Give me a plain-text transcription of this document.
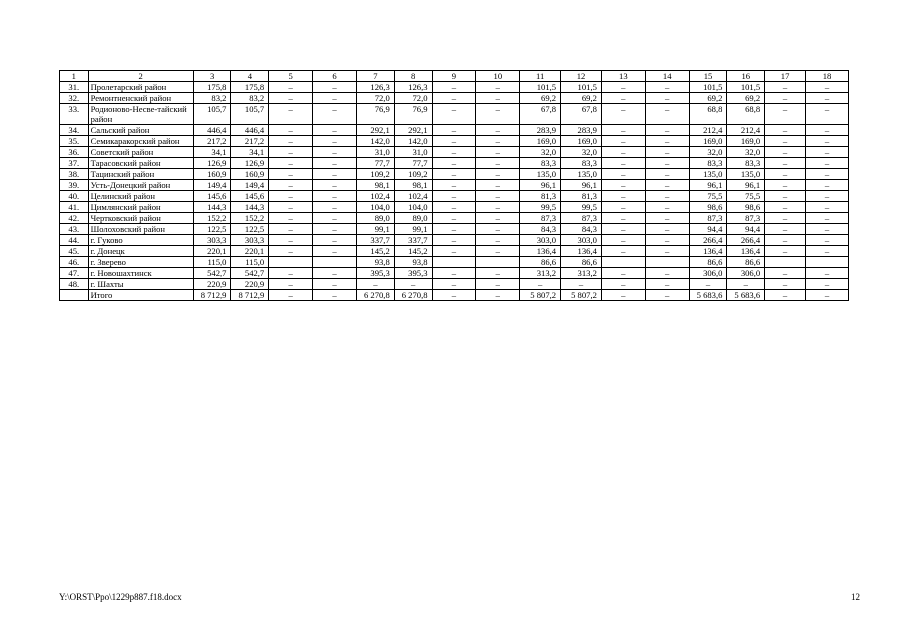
1	2	3	4	5	6	7	8	9	10	11	12	13	14	15	16	17	18
31.	Пролетарский район	175,8	175,8	–	–	126,3	126,3	–	–	101,5	101,5	–	–	101,5	101,5	–	–
32.	Ремонтненский район	83,2	83,2	–	–	72,0	72,0	–	–	69,2	69,2	–	–	69,2	69,2	–	–
33.	Родионово-Несве-тайский район	105,7	105,7	–	–	76,9	76,9	–	–	67,8	67,8	–	–	68,8	68,8	–	–
34.	Сальский район	446,4	446,4	–	–	292,1	292,1	–	–	283,9	283,9	–	–	212,4	212,4	–	–
35.	Семикаракорский район	217,2	217,2	–	–	142,0	142,0	–	–	169,0	169,0	–	–	169,0	169,0	–	–
36.	Советский район	34,1	34,1	–	–	31,0	31,0	–	–	32,0	32,0	–	–	32,0	32,0	–	–
37.	Тарасовский район	126,9	126,9	–	–	77,7	77,7	–	–	83,3	83,3	–	–	83,3	83,3	–	–
38.	Тацинский район	160,9	160,9	–	–	109,2	109,2	–	–	135,0	135,0	–	–	135,0	135,0	–	–
39.	Усть-Донецкий район	149,4	149,4	–	–	98,1	98,1	–	–	96,1	96,1	–	–	96,1	96,1	–	–
40.	Целинский район	145,6	145,6	–	–	102,4	102,4	–	–	81,3	81,3	–	–	75,5	75,5	–	–
41.	Цимлянский район	144,3	144,3	–	–	104,0	104,0	–	–	99,5	99,5	–	–	98,6	98,6	–	–
42.	Чертковский район	152,2	152,2	–	–	89,0	89,0	–	–	87,3	87,3	–	–	87,3	87,3	–	–
43.	Шолоховский район	122,5	122,5	–	–	99,1	99,1	–	–	84,3	84,3	–	–	94,4	94,4	–	–
44.	г. Гуково	303,3	303,3	–	–	337,7	337,7	–	–	303,0	303,0	–	–	266,4	266,4	–	–
45.	г. Донецк	220,1	220,1	–	–	145,2	145,2	–	–	136,4	136,4	–	–	136,4	136,4	–	–
46.	г. Зверево	115,0	115,0			93,8	93,8			86,6	86,6			86,6	86,6		
47.	г. Новошахтинск	542,7	542,7	–	–	395,3	395,3	–	–	313,2	313,2	–	–	306,0	306,0	–	–
48.	г. Шахты	220,9	220,9	–	–	–	–	–	–	–	–	–	–	–	–	–	–
	Итого	8 712,9	8 712,9	–	–	6 270,8	6 270,8	–	–	5 807,2	5 807,2	–	–	5 683,6	5 683,6	–	–
Y:\ORST\Ppo\1229p887.f18.docx	12
